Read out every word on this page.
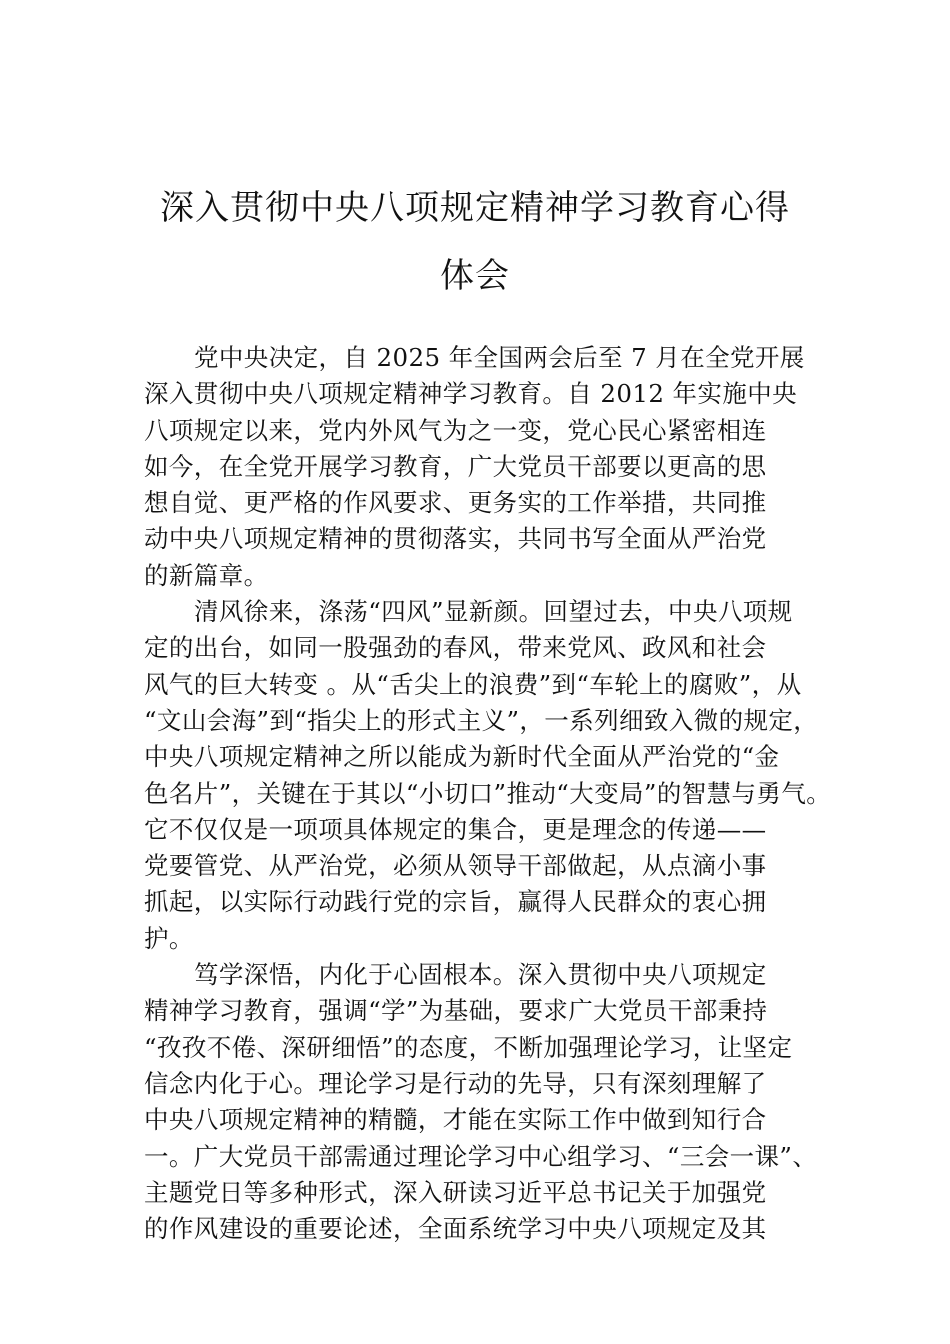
深入贯彻中央八项规定精神学习教育心得
体会
党中央决定，自 2025 年全国两会后至 7 月在全党开展
深入贯彻中央八项规定精神学习教育。自 2012 年实施中央
八项规定以来，党内外风气为之一变，党心民心紧密相连
如今，在全党开展学习教育，广大党员干部要以更高的思
想自觉、更严格的作风要求、更务实的工作举措，共同推
动中央八项规定精神的贯彻落实，共同书写全面从严治党
的新篇章。
清风徐来，涤荡“四风”显新颜。回望过去，中央八项规
定的出台，如同一股强劲的春风，带来党风、政风和社会
风气的巨大转变 。从“舌尖上的浪费”到“车轮上的腐败”，从
“文山会海”到“指尖上的形式主义”，一系列细致入微的规定，
中央八项规定精神之所以能成为新时代全面从严治党的“金
色名片”，关键在于其以“小切口”推动“大变局”的智慧与勇气。
它不仅仅是一项项具体规定的集合，更是理念的传递——
党要管党、从严治党，必须从领导干部做起，从点滴小事
抓起，以实际行动践行党的宗旨，赢得人民群众的衷心拥
护。
笃学深悟，内化于心固根本。深入贯彻中央八项规定
精神学习教育，强调“学”为基础，要求广大党员干部秉持
“孜孜不倦、深研细悟”的态度，不断加强理论学习，让坚定
信念内化于心。理论学习是行动的先导，只有深刻理解了
中央八项规定精神的精髓，才能在实际工作中做到知行合
一。广大党员干部需通过理论学习中心组学习、“三会一课”、
主题党日等多种形式，深入研读习近平总书记关于加强党
的作风建设的重要论述，全面系统学习中央八项规定及其
